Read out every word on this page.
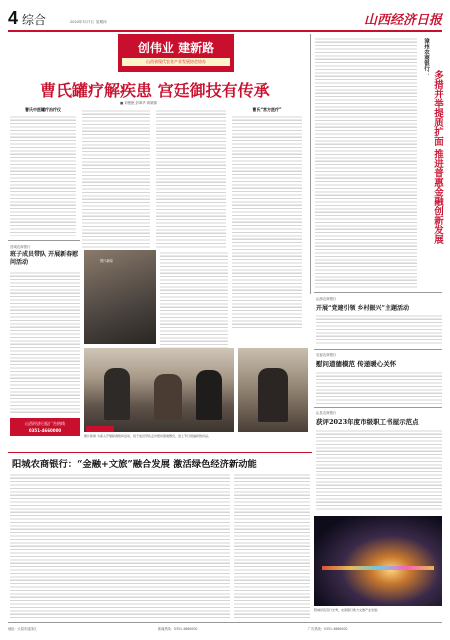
4 综合	2024年3月7日 星期四	山西经济日报
创伟业 建新路
山西省现代农业产业发展协会协办
曹氏罐疗解疾患 宫廷御技有传承
■ 刘俊艳 彭翠华 黄晓锦
曹氏中医罐疗治疗仪	曹氏“宫方医疗”
图片新闻
漳州农商银行：
多措并举提质扩面 推进普惠金融创新发展
沁源农商银行
开展“党建引领 乡村振兴”主题活动
屯留农商银行
慰问道德模范 传递暖心关怀
沁县农商银行
获评2023年度市级职工书屋示范点
晋城农商银行
班子成员带队 开展新春慰问活动
图片新闻 为深入开展新春慰问活动，班子成员带队走访慰问困难群众，送上节日祝福和慰问品。
山西经济日报广告热线
0351-4660000
阳城农商银行：“金融+文旅”融合发展 激活绿色经济新动能
阳城县夜景灯光秀，农商银行助力文旅产业发展。
地址：太原市迎泽区	新闻热线：0351-4660000	广告热线：0351-4660000
